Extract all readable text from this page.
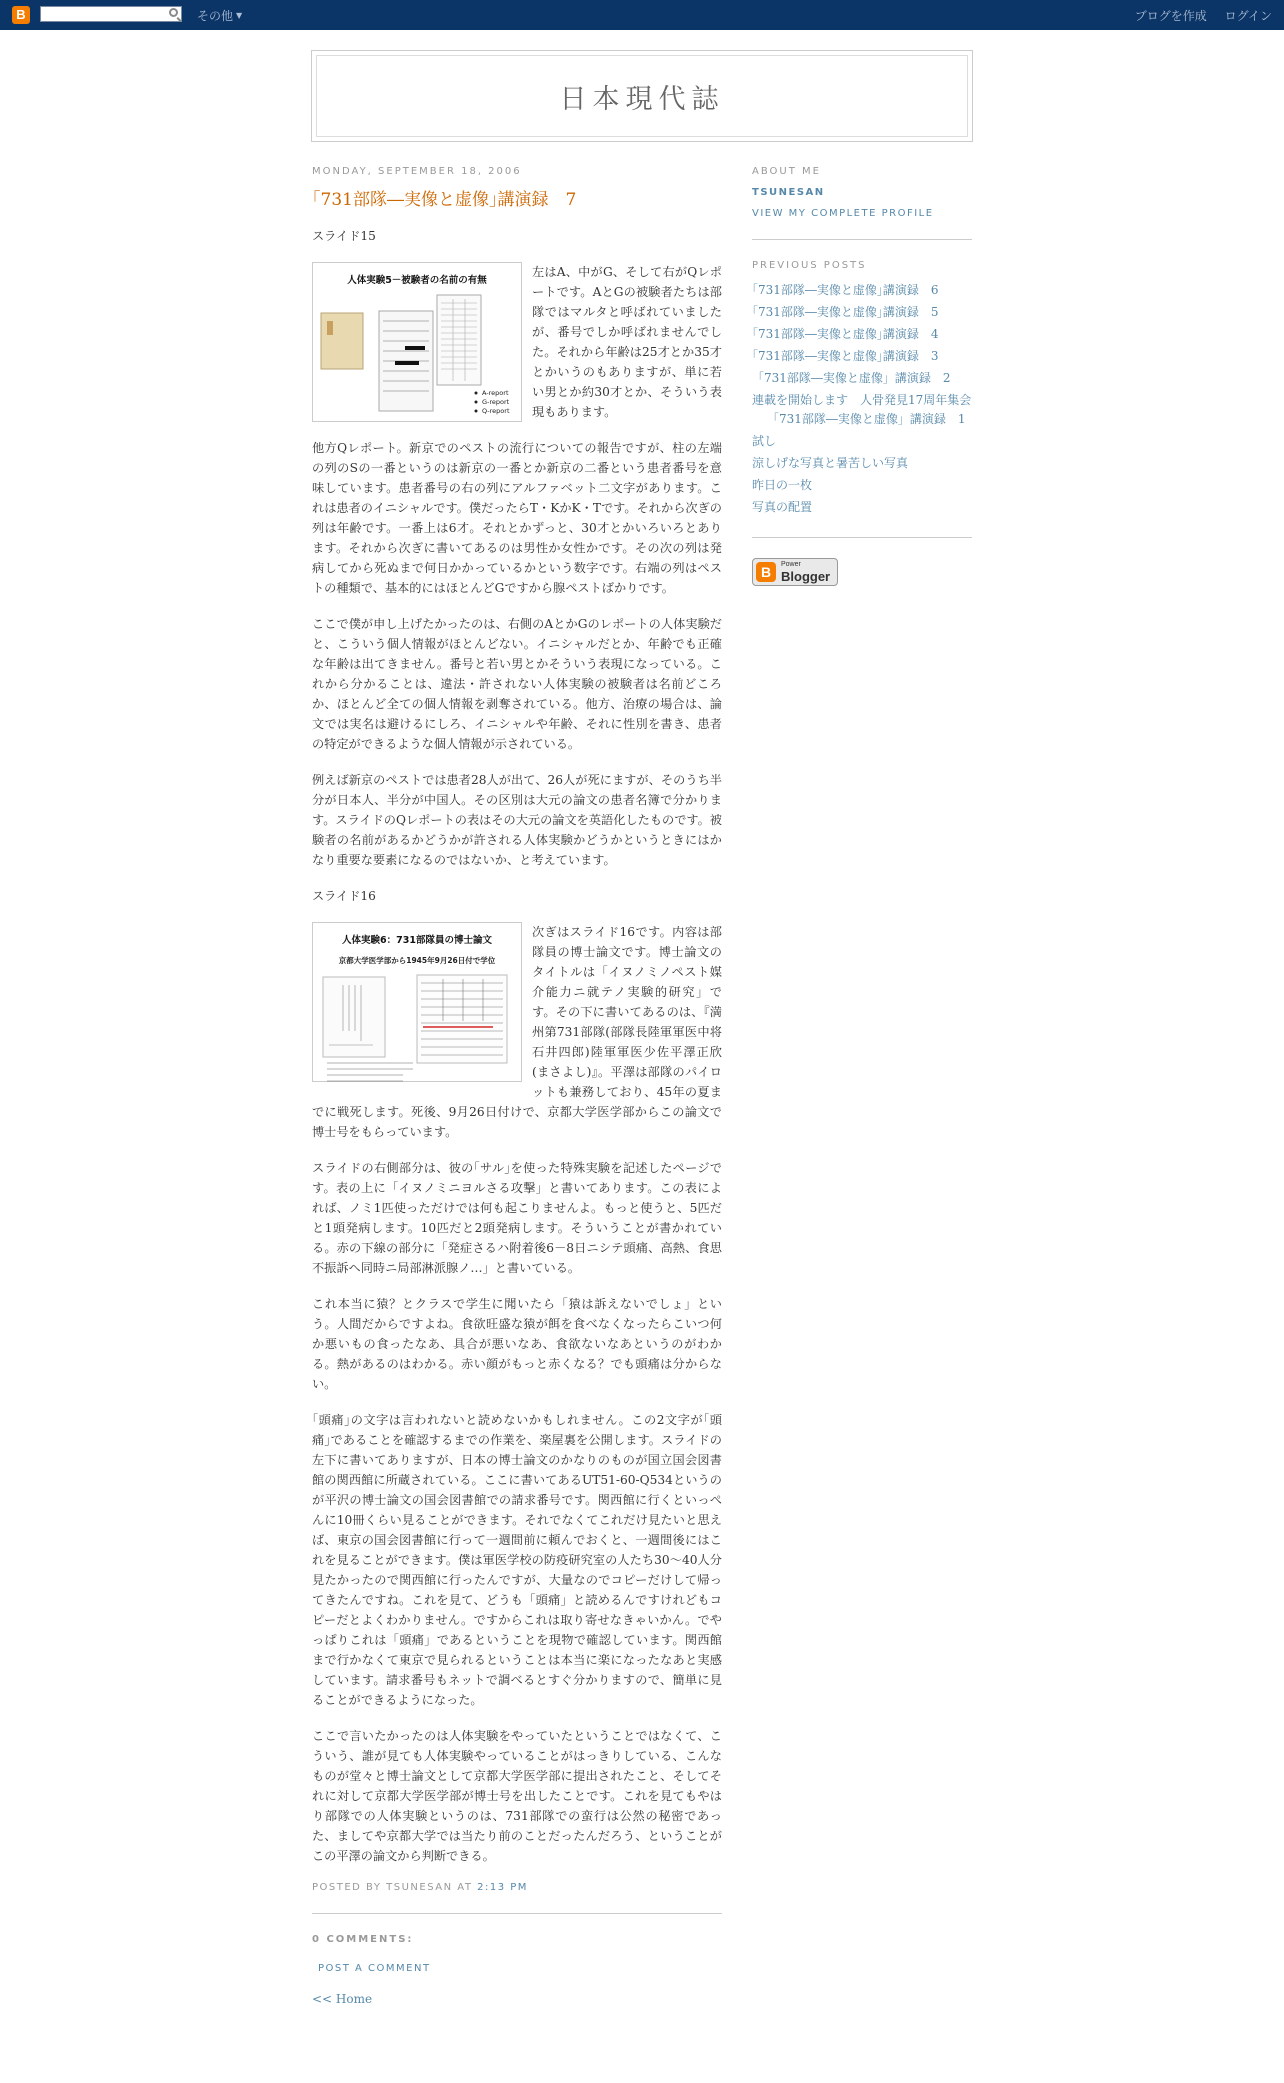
B	その他 ▼	ブログを作成 ログイン
日本現代誌
MONDAY, SEPTEMBER 18, 2006
｢731部隊―実像と虚像｣講演録　7

スライド15

人体実験5－被験者の名前の有無
A-report
G-report
Q-report

左はA、中がG、そして右がQレポートです。AとGの被験者たちは部隊ではマルタと呼ばれていましたが、番号でしか呼ばれませんでした。それから年齢は25才とか35才とかいうのもありますが、単に若い男とか約30才とか、そういう表現もあります。

他方Qレポート。新京でのペストの流行についての報告ですが、柱の左端の列のSの一番というのは新京の一番とか新京の二番という患者番号を意味しています。患者番号の右の列にアルファベット二文字があります。これは患者のイニシャルです。僕だったらT・KかK・Tです。それから次ぎの列は年齢です。一番上は6才。それとかずっと、30才とかいろいろとあります。それから次ぎに書いてあるのは男性か女性かです。その次の列は発病してから死ぬまで何日かかっているかという数字です。右端の列はペストの種類で、基本的にはほとんどGですから腺ペストばかりです。

ここで僕が申し上げたかったのは、右側のAとかGのレポートの人体実験だと、こういう個人情報がほとんどない。イニシャルだとか、年齢でも正確な年齢は出てきません。番号と若い男とかそういう表現になっている。これから分かることは、違法・許されない人体実験の被験者は名前どころか、ほとんど全ての個人情報を剥奪されている。他方、治療の場合は、論文では実名は避けるにしろ、イニシャルや年齢、それに性別を書き、患者の特定ができるような個人情報が示されている。

例えば新京のペストでは患者28人が出て、26人が死にますが、そのうち半分が日本人、半分が中国人。その区別は大元の論文の患者名簿で分かります。スライドのQレポートの表はその大元の論文を英語化したものです。被験者の名前があるかどうかが許される人体実験かどうかというときにはかなり重要な要素になるのではないか、と考えています。

スライド16

人体実験6：731部隊員の博士論文
京都大学医学部から1945年9月26日付で学位

次ぎはスライド16です。内容は部隊員の博士論文です。博士論文のタイトルは「イヌノミノペスト媒介能力ニ就テノ実験的研究」です。その下に書いてあるのは、『満州第731部隊(部隊長陸軍軍医中将石井四郎)陸軍軍医少佐平澤正欣(まさよし)』。平澤は部隊のパイロットも兼務しており、45年の夏までに戦死します。死後、9月26日付けで、京都大学医学部からこの論文で博士号をもらっています。

スライドの右側部分は、彼の｢サル｣を使った特殊実験を記述したページです。表の上に「イヌノミニヨルさる攻撃」と書いてあります。この表によれば、ノミ1匹使っただけでは何も起こりませんよ。もっと使うと、5匹だと1頭発病します。10匹だと2頭発病します。そういうことが書かれている。赤の下線の部分に「発症さるハ附着後6－8日ニシテ頭痛、高熱、食思不振訴ヘ同時ニ局部淋派腺ノ…」と書いている。

これ本当に猿？とクラスで学生に聞いたら「猿は訴えないでしょ」という。人間だからですよね。食欲旺盛な猿が餌を食べなくなったらこいつ何か悪いもの食ったなあ、具合が悪いなあ、食欲ないなあというのがわかる。熱があるのはわかる。赤い顔がもっと赤くなる？でも頭痛は分からない。

｢頭痛｣の文字は言われないと読めないかもしれません。この2文字が｢頭痛｣であることを確認するまでの作業を、楽屋裏を公開します。スライドの左下に書いてありますが、日本の博士論文のかなりのものが国立国会図書館の関西館に所蔵されている。ここに書いてあるUT51-60-Q534というのが平沢の博士論文の国会図書館での請求番号です。関西館に行くといっぺんに10冊くらい見ることができます。それでなくてこれだけ見たいと思えば、東京の国会図書館に行って一週間前に頼んでおくと、一週間後にはこれを見ることができます。僕は軍医学校の防疫研究室の人たち30～40人分見たかったので関西館に行ったんですが、大量なのでコピーだけして帰ってきたんですね。これを見て、どうも「頭痛」と読めるんですけれどもコピーだとよくわかりません。ですからこれは取り寄せなきゃいかん。でやっぱりこれは「頭痛」であるということを現物で確認しています。関西館まで行かなくて東京で見られるということは本当に楽になったなあと実感しています。請求番号もネットで調べるとすぐ分かりますので、簡単に見ることができるようになった。

ここで言いたかったのは人体実験をやっていたということではなくて、こういう、誰が見ても人体実験やっていることがはっきりしている、こんなものが堂々と博士論文として京都大学医学部に提出されたこと、そしてそれに対して京都大学医学部が博士号を出したことです。これを見てもやはり部隊での人体実験というのは、731部隊での蛮行は公然の秘密であった、ましてや京都大学では当たり前のことだったんだろう、ということがこの平澤の論文から判断できる。

POSTED BY TSUNESAN AT 2:13 PM
0 COMMENTS:
POST A COMMENT
<< Home
ABOUT ME
TSUNESAN
VIEW MY COMPLETE PROFILE
PREVIOUS POSTS
｢731部隊―実像と虚像｣講演録　6
｢731部隊―実像と虚像｣講演録　5
｢731部隊―実像と虚像｣講演録　4
｢731部隊―実像と虚像｣講演録　3
「731部隊―実像と虚像」講演録　2
連載を開始します　人骨発見17周年集会「731部隊―実像と虚像」講演録　1
試し
涼しげな写真と暑苦しい写真
昨日の一枚
写真の配置
B	Power
Blogger
